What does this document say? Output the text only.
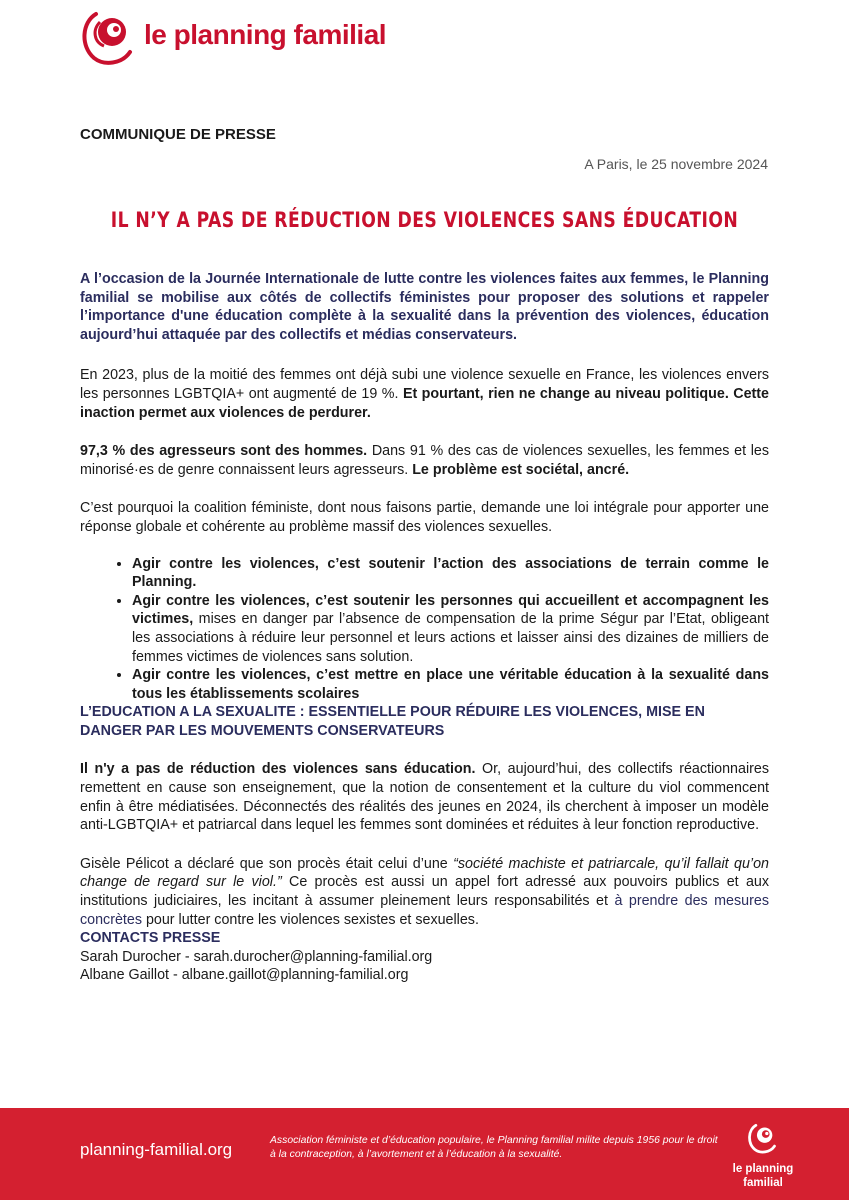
le planning familial
COMMUNIQUE DE PRESSE
A Paris, le 25 novembre 2024
IL N’Y A PAS DE RÉDUCTION DES VIOLENCES SANS ÉDUCATION

A l’occasion de la Journée Internationale de lutte contre les violences faites aux femmes, le Planning familial se mobilise aux côtés de collectifs féministes pour proposer des solutions et rappeler l’importance d'une éducation complète à la sexualité dans la prévention des violences, éducation aujourd’hui attaquée par des collectifs et médias conservateurs.

En 2023, plus de la moitié des femmes ont déjà subi une violence sexuelle en France, les violences envers les personnes LGBTQIA+ ont augmenté de 19 %. Et pourtant, rien ne change au niveau politique. Cette inaction permet aux violences de perdurer.

97,3 % des agresseurs sont des hommes. Dans 91 % des cas de violences sexuelles, les femmes et les minorisé·es de genre connaissent leurs agresseurs. Le problème est sociétal, ancré.

C’est pourquoi la coalition féministe, dont nous faisons partie, demande une loi intégrale pour apporter une réponse globale et cohérente au problème massif des violences sexuelles.

• Agir contre les violences, c’est soutenir l’action des associations de terrain comme le Planning.
• Agir contre les violences, c’est soutenir les personnes qui accueillent et accompagnent les victimes, mises en danger par l’absence de compensation de la prime Ségur par l’Etat, obligeant les associations à réduire leur personnel et leurs actions et laisser ainsi des dizaines de milliers de femmes victimes de violences sans solution.
• Agir contre les violences, c’est mettre en place une véritable éducation à la sexualité dans tous les établissements scolaires

L’EDUCATION A LA SEXUALITE : ESSENTIELLE POUR RÉDUIRE LES VIOLENCES, MISE EN DANGER PAR LES MOUVEMENTS CONSERVATEURS

Il n'y a pas de réduction des violences sans éducation. Or, aujourd’hui, des collectifs réactionnaires remettent en cause son enseignement, que la notion de consentement et la culture du viol commencent enfin à être médiatisées. Déconnectés des réalités des jeunes en 2024, ils cherchent à imposer un modèle anti-LGBTQIA+ et patriarcal dans lequel les femmes sont dominées et réduites à leur fonction reproductive.

Gisèle Pélicot a déclaré que son procès était celui d’une “société machiste et patriarcale, qu’il fallait qu’on change de regard sur le viol.” Ce procès est aussi un appel fort adressé aux pouvoirs publics et aux institutions judiciaires, les incitant à assumer pleinement leurs responsabilités et à prendre des mesures concrètes pour lutter contre les violences sexistes et sexuelles.

CONTACTS PRESSE

Sarah Durocher - sarah.durocher@planning-familial.org

Albane Gaillot - albane.gaillot@planning-familial.org

planning-familial.org	Association féministe et d’éducation populaire, le Planning familial milite depuis 1956 pour le droit à la contraception, à l’avortement et à l’éducation à la sexualité.
le planning
familial
